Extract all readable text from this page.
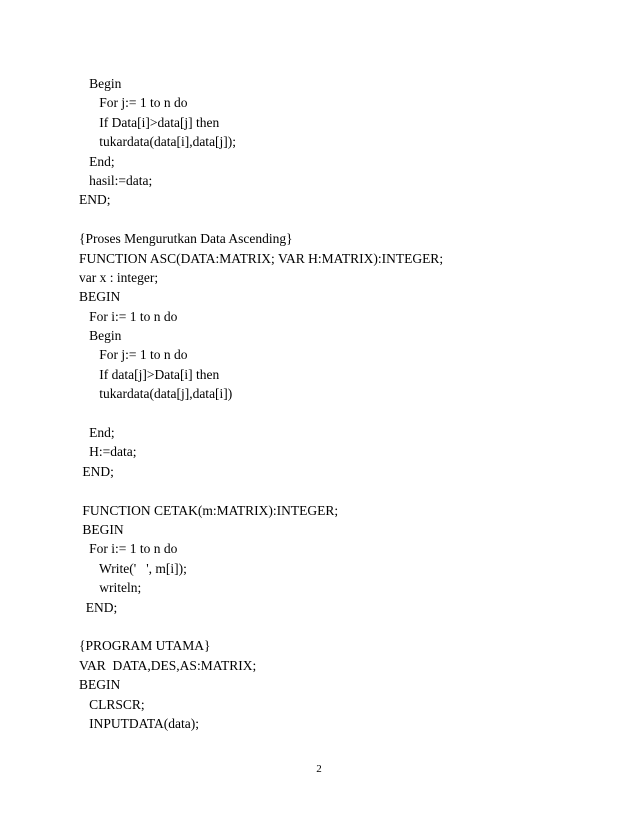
Begin
For j:= 1 to n do
If Data[i]>data[j] then
tukardata(data[i],data[j]);
End;
hasil:=data;
END;
{Proses Mengurutkan Data Ascending}
FUNCTION ASC(DATA:MATRIX; VAR H:MATRIX):INTEGER;
var x : integer;
BEGIN
For i:= 1 to n do
Begin
For j:= 1 to n do
If data[j]>Data[i] then
tukardata(data[j],data[i])
End;
H:=data;
END;
FUNCTION CETAK(m:MATRIX):INTEGER;
BEGIN
For i:= 1 to n do
Write('   ', m[i]);
writeln;
END;
{PROGRAM UTAMA}
VAR  DATA,DES,AS:MATRIX;
BEGIN
CLRSCR;
INPUTDATA(data);
2
